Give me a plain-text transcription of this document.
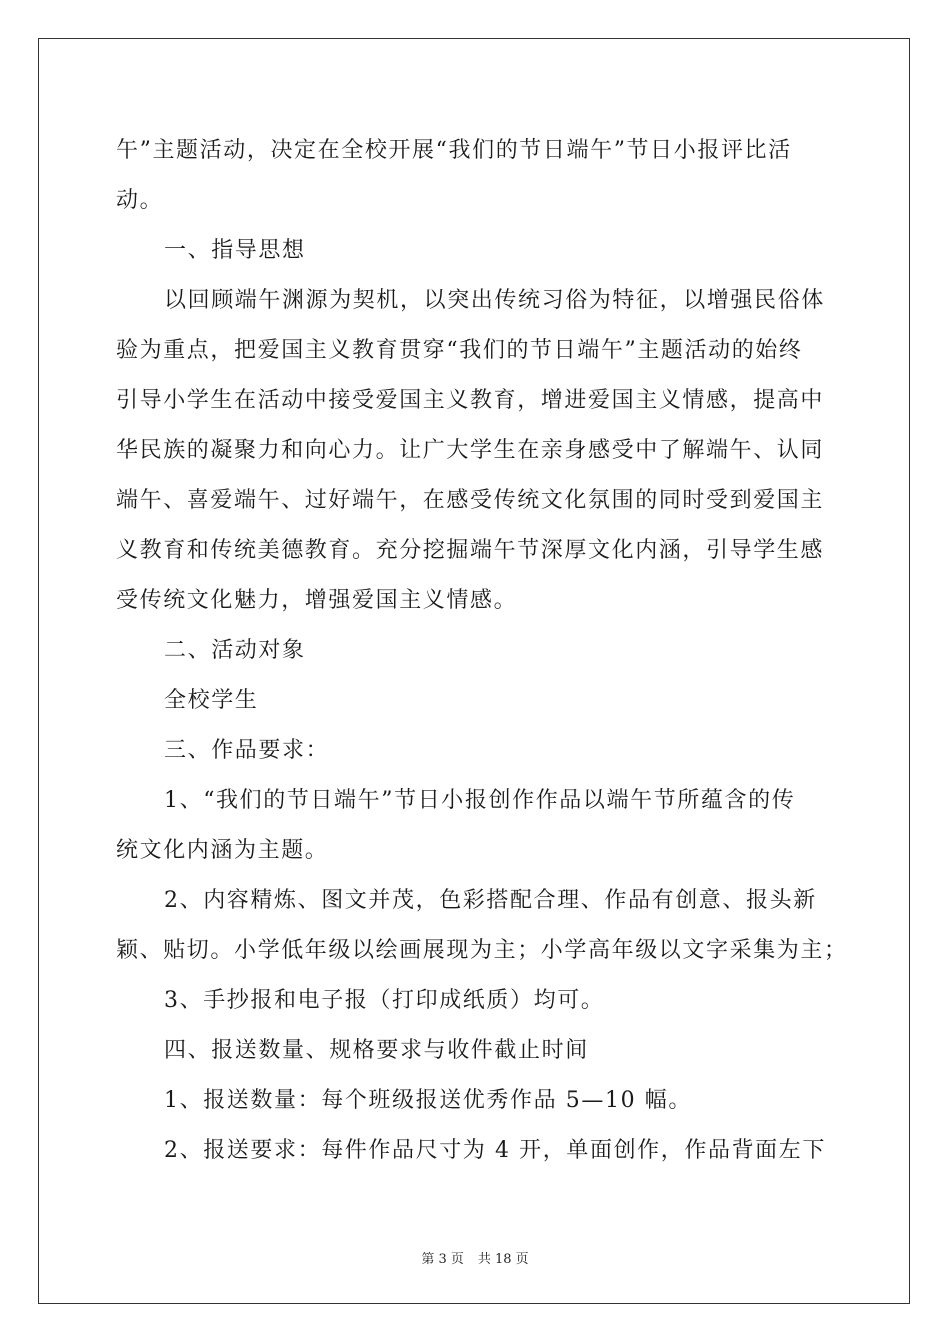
午”主题活动，决定在全校开展“我们的节日端午”节日小报评比活
动。
一、指导思想
以回顾端午渊源为契机，以突出传统习俗为特征，以增强民俗体
验为重点，把爱国主义教育贯穿“我们的节日端午”主题活动的始终
引导小学生在活动中接受爱国主义教育，增进爱国主义情感，提高中
华民族的凝聚力和向心力。让广大学生在亲身感受中了解端午、认同
端午、喜爱端午、过好端午，在感受传统文化氛围的同时受到爱国主
义教育和传统美德教育。充分挖掘端午节深厚文化内涵，引导学生感
受传统文化魅力，增强爱国主义情感。
二、活动对象
全校学生
三、作品要求：
1、“我们的节日端午”节日小报创作作品以端午节所蕴含的传
统文化内涵为主题。
2、内容精炼、图文并茂，色彩搭配合理、作品有创意、报头新
颖、贴切。小学低年级以绘画展现为主；小学高年级以文字采集为主；
3、手抄报和电子报（打印成纸质）均可。
四、报送数量、规格要求与收件截止时间
1、报送数量：每个班级报送优秀作品 5—10 幅。
2、报送要求：每件作品尺寸为 4 开，单面创作，作品背面左下
第 3 页 共 18 页
